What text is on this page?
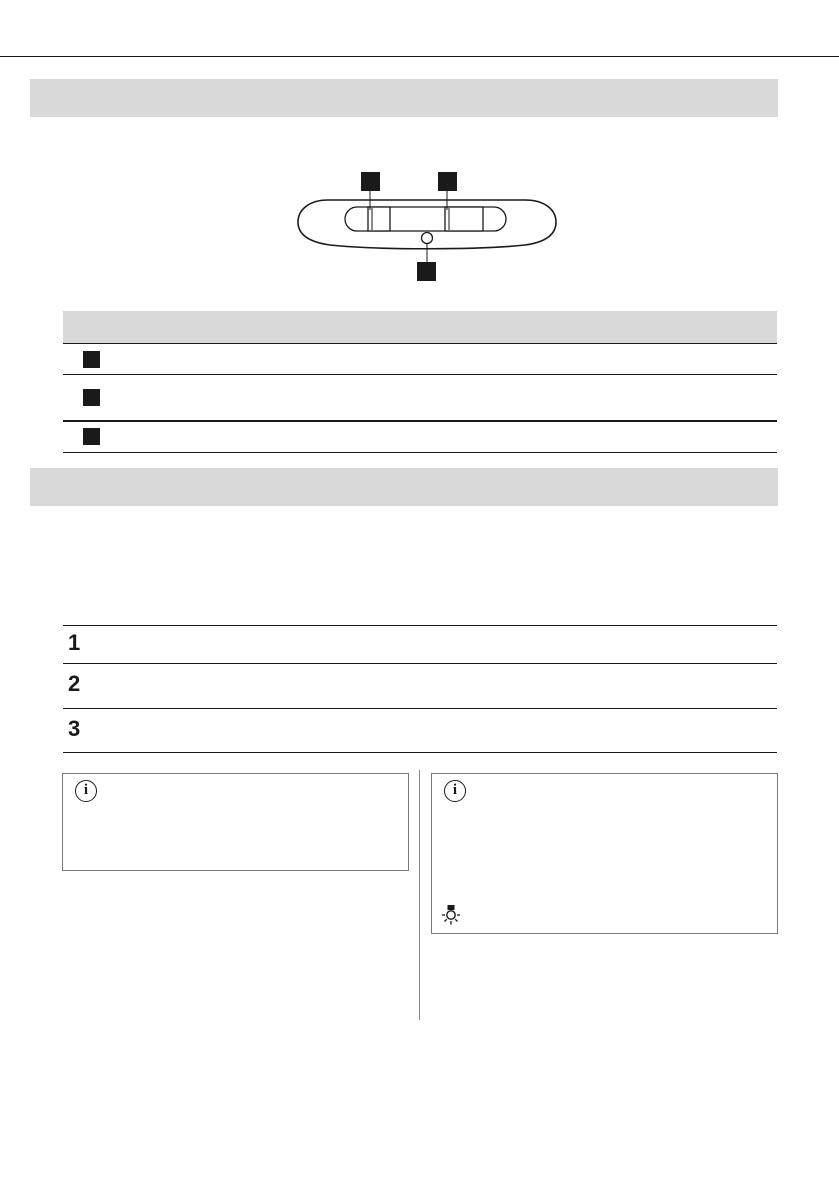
1
2
3
i	i
